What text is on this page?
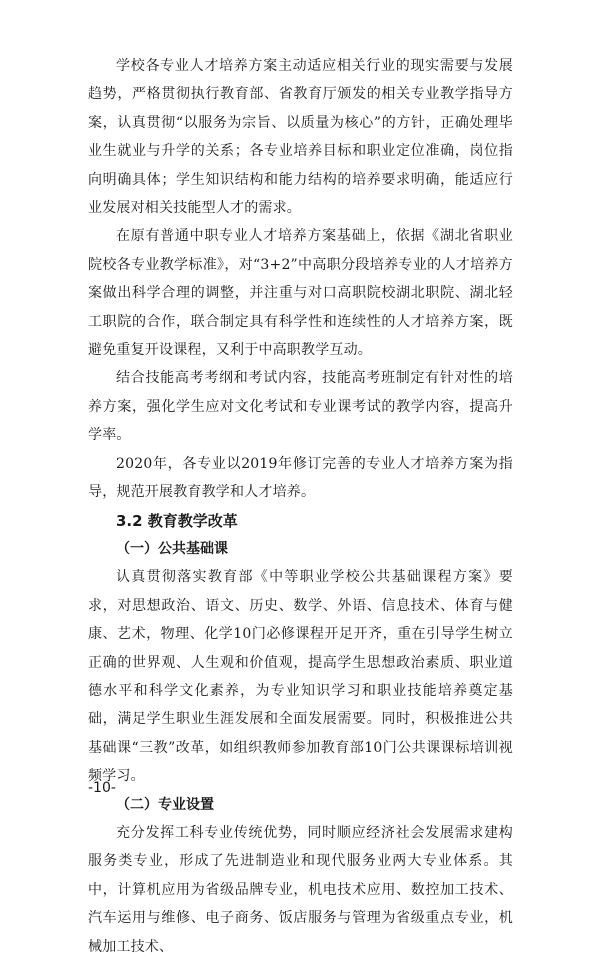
学校各专业人才培养方案主动适应相关行业的现实需要与发展趋势，严格贯彻执行教育部、省教育厅颁发的相关专业教学指导方案，认真贯彻“以服务为宗旨、以质量为核心”的方针，正确处理毕业生就业与升学的关系；各专业培养目标和职业定位准确，岗位指向明确具体；学生知识结构和能力结构的培养要求明确，能适应行业发展对相关技能型人才的需求。

在原有普通中职专业人才培养方案基础上，依据《湖北省职业院校各专业教学标准》，对“3+2”中高职分段培养专业的人才培养方案做出科学合理的调整，并注重与对口高职院校湖北职院、湖北轻工职院的合作，联合制定具有科学性和连续性的人才培养方案，既避免重复开设课程，又利于中高职教学互动。

结合技能高考考纲和考试内容，技能高考班制定有针对性的培养方案，强化学生应对文化考试和专业课考试的教学内容，提高升学率。

2020年，各专业以2019年修订完善的专业人才培养方案为指导，规范开展教育教学和人才培养。

3.2 教育教学改革
（一）公共基础课

认真贯彻落实教育部《中等职业学校公共基础课程方案》要求，对思想政治、语文、历史、数学、外语、信息技术、体育与健康、艺术，物理、化学10门必修课程开足开齐，重在引导学生树立正确的世界观、人生观和价值观，提高学生思想政治素质、职业道德水平和科学文化素养，为专业知识学习和职业技能培养奠定基础，满足学生职业生涯发展和全面发展需要。同时，积极推进公共基础课“三教”改革，如组织教师参加教育部10门公共课课标培训视频学习。

（二）专业设置

充分发挥工科专业传统优势，同时顺应经济社会发展需求建构服务类专业，形成了先进制造业和现代服务业两大专业体系。其中，计算机应用为省级品牌专业，机电技术应用、数控加工技术、汽车运用与维修、电子商务、饭店服务与管理为省级重点专业，机械加工技术、

-10-
